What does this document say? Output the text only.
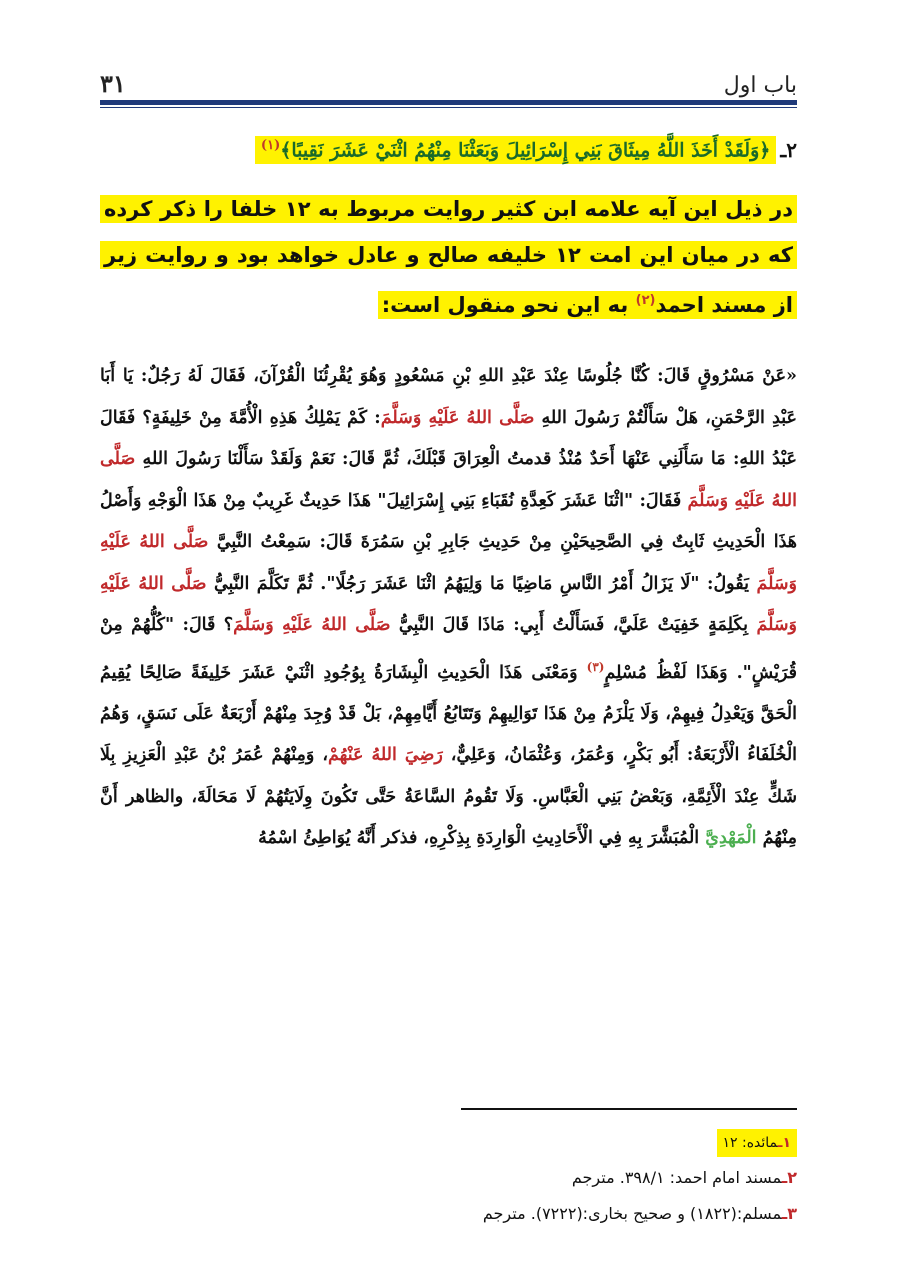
باب اول
۳۱
۲ـ
﴿وَلَقَدْ أَخَذَ اللَّهُ مِيثَاقَ بَنِي إِسْرَائِيلَ وَبَعَثْنَا مِنْهُمُ اثْنَيْ عَشَرَ نَقِيبًا﴾$^{(۱)}$
در ذیل این آیه علامه ابن کثیر روایت مربوط به ۱۲ خلفا را ذکر کرده که در میان این امت ۱۲ خلیفه صالح و عادل خواهد بود و روایت زیر از مسند احمد$^{(۲)}$ به این نحو منقول است:
«عَنْ مَسْرُوقٍ قَالَ: كُنَّا جُلُوسًا عِنْدَ عَبْدِ اللهِ بْنِ مَسْعُودٍ وَهُوَ يُقْرِئُنَا الْقُرْآنَ، فَقَالَ لَهُ رَجُلٌ: يَا أَبَا عَبْدِ الرَّحْمَنِ، هَلْ سَأَلْتُمْ رَسُولَ اللهِ صَلَّى اللهُ عَلَيْهِ وَسَلَّمَ: كَمْ يَمْلِكُ هَذِهِ الْأُمَّةَ مِنْ خَلِيفَةٍ؟ فَقَالَ عَبْدُ اللهِ: مَا سَأَلَنِي عَنْهَا أَحَدٌ مُنْذُ قدمتُ الْعِرَاقَ قَبْلَكَ، ثُمَّ قَالَ: نَعَمْ وَلَقَدْ سَأَلْنَا رَسُولَ اللهِ صَلَّى اللهُ عَلَيْهِ وَسَلَّمَ فَقَالَ: "اثْنَا عَشَرَ كَعِدَّةِ نُقَبَاءِ بَنِي إِسْرَائِيلَ" هَذَا حَدِيثٌ غَرِيبٌ مِنْ هَذَا الْوَجْهِ وَأَصْلُ هَذَا الْحَدِيثِ ثَابِتٌ فِي الصَّحِيحَيْنِ مِنْ حَدِيثِ جَابِرِ بْنِ سَمُرَةَ قَالَ: سَمِعْتُ النَّبِيَّ صَلَّى اللهُ عَلَيْهِ وَسَلَّمَ يَقُولُ: "لَا يَزَالُ أَمْرُ النَّاسِ مَاضِيًا مَا وَلِيَهُمُ اثْنَا عَشَرَ رَجُلًا". ثُمَّ تَكَلَّمَ النَّبِيُّ صَلَّى اللهُ عَلَيْهِ وَسَلَّمَ بِكَلِمَةٍ خَفِيَتْ عَلَيَّ، فَسَأَلْتُ أَبِي: مَاذَا قَالَ النَّبِيُّ صَلَّى اللهُ عَلَيْهِ وَسَلَّمَ؟ قَالَ: "كُلُّهُمْ مِنْ قُرَيْشٍ". وَهَذَا لَفْظُ مُسْلِمٍ$^{(۳)}$ وَمَعْنَى هَذَا الْحَدِيثِ الْبِشَارَةُ بِوُجُودِ اثْنَيْ عَشَرَ خَلِيفَةً صَالِحًا يُقِيمُ الْحَقَّ وَيَعْدِلُ فِيهِمْ، وَلَا يَلْزَمُ مِنْ هَذَا تَوَالِيهِمْ وَتَتَابُعُ أَيَّامِهِمْ، بَلْ قَدْ وُجِدَ مِنْهُمْ أَرْبَعَةٌ عَلَى نَسَقٍ، وَهُمُ الْخُلَفَاءُ الْأَرْبَعَةُ: أَبُو بَكْرٍ، وَعُمَرُ، وَعُثْمَانُ، وَعَلِيٌّ، رَضِيَ اللهُ عَنْهُمْ، وَمِنْهُمْ عُمَرُ بْنُ عَبْدِ الْعَزِيزِ بِلَا شَكٍّ عِنْدَ الْأَئِمَّةِ، وَبَعْضُ بَنِي الْعَبَّاسِ. وَلَا تَقُومُ السَّاعَةُ حَتَّى تَكُونَ وِلَايَتُهُمْ لَا مَحَالَةَ، والظاهر أَنَّ مِنْهُمُ الْمَهْدِيَّ الْمُبَشَّرَ بِهِ فِي الْأَحَادِيثِ الْوَارِدَةِ بِذِكْرِهِ، فذكر أَنَّهُ يُوَاطِئُ اسْمُهُ
۱ـمائده: ۱۲
۲ـمسند امام احمد: ۳۹۸/۱. مترجم
۳ـمسلم:(۱۸۲۲) و صحیح بخاری:(۷۲۲۲). مترجم
